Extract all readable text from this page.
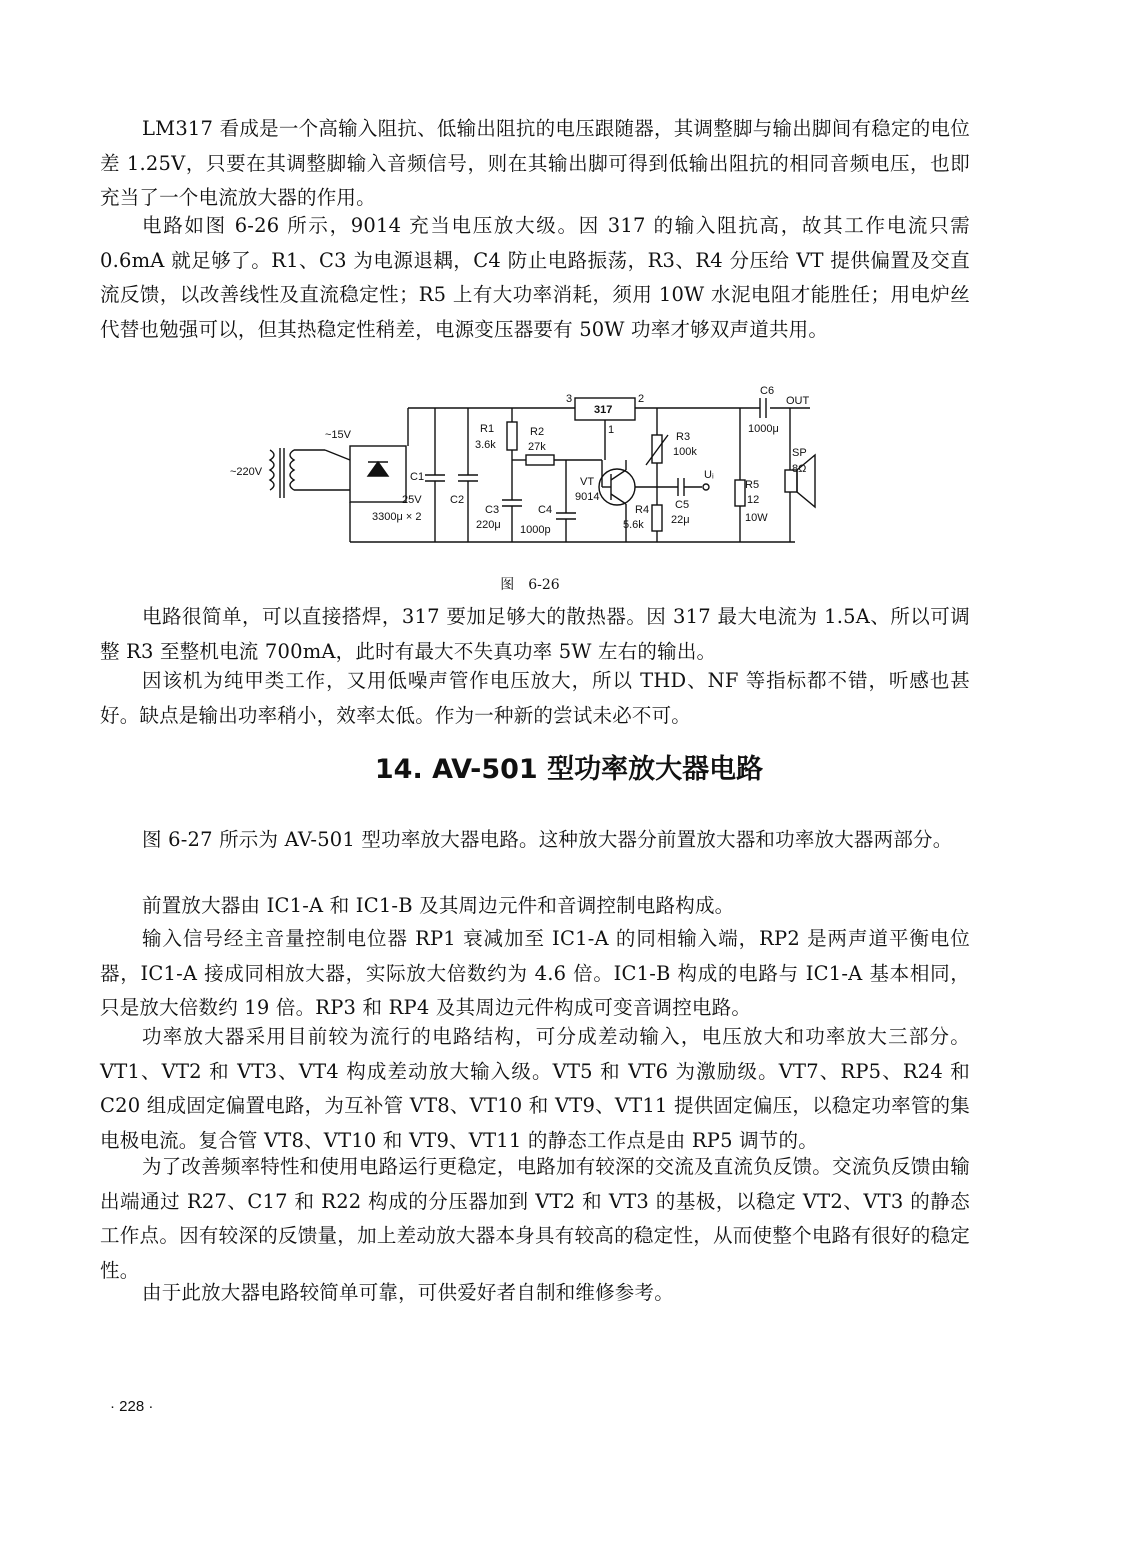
LM317 看成是一个高输入阻抗、低输出阻抗的电压跟随器，其调整脚与输出脚间有稳定的电位差 1.25V，只要在其调整脚输入音频信号，则在其输出脚可得到低输出阻抗的相同音频电压，也即充当了一个电流放大器的作用。

电路如图 6-26 所示，9014 充当电压放大级。因 317 的输入阻抗高，故其工作电流只需 0.6mA 就足够了。R1、C3 为电源退耦，C4 防止电路振荡，R3、R4 分压给 VT 提供偏置及交直流反馈，以改善线性及直流稳定性；R5 上有大功率消耗，须用 10W 水泥电阻才能胜任；用电炉丝代替也勉强可以，但其热稳定性稍差，电源变压器要有 50W 功率才够双声道共用。

~220V
~15V
C1
25V
3300μ × 2
C2
R1
3.6k
C3
220μ
R2
27k
C4
1000p
317
3	2
1
VT
9014
R3
100k
R4
5.6k
C5
22μ
Uᵢ
C6
1000μ
OUT
SP
8Ω
R5
12
10W
图　6-26

电路很简单，可以直接搭焊，317 要加足够大的散热器。因 317 最大电流为 1.5A、所以可调整 R3 至整机电流 700mA，此时有最大不失真功率 5W 左右的输出。

因该机为纯甲类工作，又用低噪声管作电压放大，所以 THD、NF 等指标都不错，听感也甚好。缺点是输出功率稍小，效率太低。作为一种新的尝试未必不可。

14. AV-501 型功率放大器电路

图 6-27 所示为 AV-501 型功率放大器电路。这种放大器分前置放大器和功率放大器两部分。

前置放大器由 IC1-A 和 IC1-B 及其周边元件和音调控制电路构成。

输入信号经主音量控制电位器 RP1 衰减加至 IC1-A 的同相输入端，RP2 是两声道平衡电位器，IC1-A 接成同相放大器，实际放大倍数约为 4.6 倍。IC1-B 构成的电路与 IC1-A 基本相同，只是放大倍数约 19 倍。RP3 和 RP4 及其周边元件构成可变音调控电路。

功率放大器采用目前较为流行的电路结构，可分成差动输入，电压放大和功率放大三部分。VT1、VT2 和 VT3、VT4 构成差动放大输入级。VT5 和 VT6 为激励级。VT7、RP5、R24 和 C20 组成固定偏置电路，为互补管 VT8、VT10 和 VT9、VT11 提供固定偏压，以稳定功率管的集电极电流。复合管 VT8、VT10 和 VT9、VT11 的静态工作点是由 RP5 调节的。

为了改善频率特性和使用电路运行更稳定，电路加有较深的交流及直流负反馈。交流负反馈由输出端通过 R27、C17 和 R22 构成的分压器加到 VT2 和 VT3 的基极，以稳定 VT2、VT3 的静态工作点。因有较深的反馈量，加上差动放大器本身具有较高的稳定性，从而使整个电路有很好的稳定性。

由于此放大器电路较简单可靠，可供爱好者自制和维修参考。

· 228 ·
